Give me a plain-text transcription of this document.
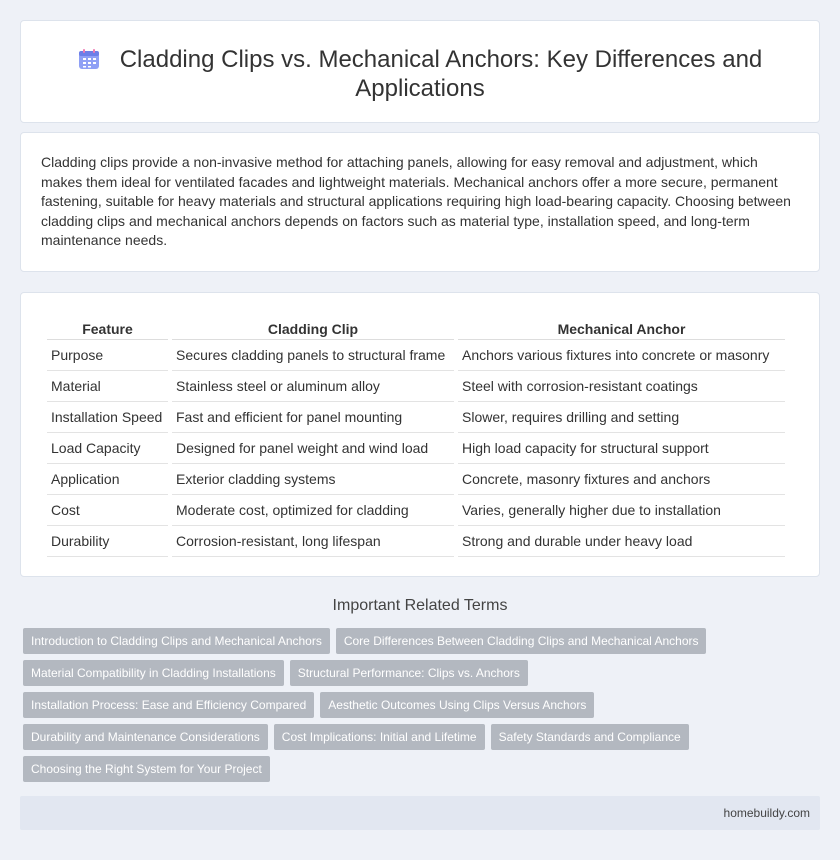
Cladding Clips vs. Mechanical Anchors: Key Differences and Applications
Cladding clips provide a non-invasive method for attaching panels, allowing for easy removal and adjustment, which makes them ideal for ventilated facades and lightweight materials. Mechanical anchors offer a more secure, permanent fastening, suitable for heavy materials and structural applications requiring high load-bearing capacity. Choosing between cladding clips and mechanical anchors depends on factors such as material type, installation speed, and long-term maintenance needs.
Feature	Cladding Clip	Mechanical Anchor
Purpose	Secures cladding panels to structural frame	Anchors various fixtures into concrete or masonry
Material	Stainless steel or aluminum alloy	Steel with corrosion-resistant coatings
Installation Speed	Fast and efficient for panel mounting	Slower, requires drilling and setting
Load Capacity	Designed for panel weight and wind load	High load capacity for structural support
Application	Exterior cladding systems	Concrete, masonry fixtures and anchors
Cost	Moderate cost, optimized for cladding	Varies, generally higher due to installation
Durability	Corrosion-resistant, long lifespan	Strong and durable under heavy load
Important Related Terms
Introduction to Cladding Clips and Mechanical Anchors Core Differences Between Cladding Clips and Mechanical Anchors
Material Compatibility in Cladding Installations Structural Performance: Clips vs. Anchors
Installation Process: Ease and Efficiency Compared Aesthetic Outcomes Using Clips Versus Anchors
Durability and Maintenance Considerations Cost Implications: Initial and Lifetime Safety Standards and Compliance
Choosing the Right System for Your Project
homebuildy.com
